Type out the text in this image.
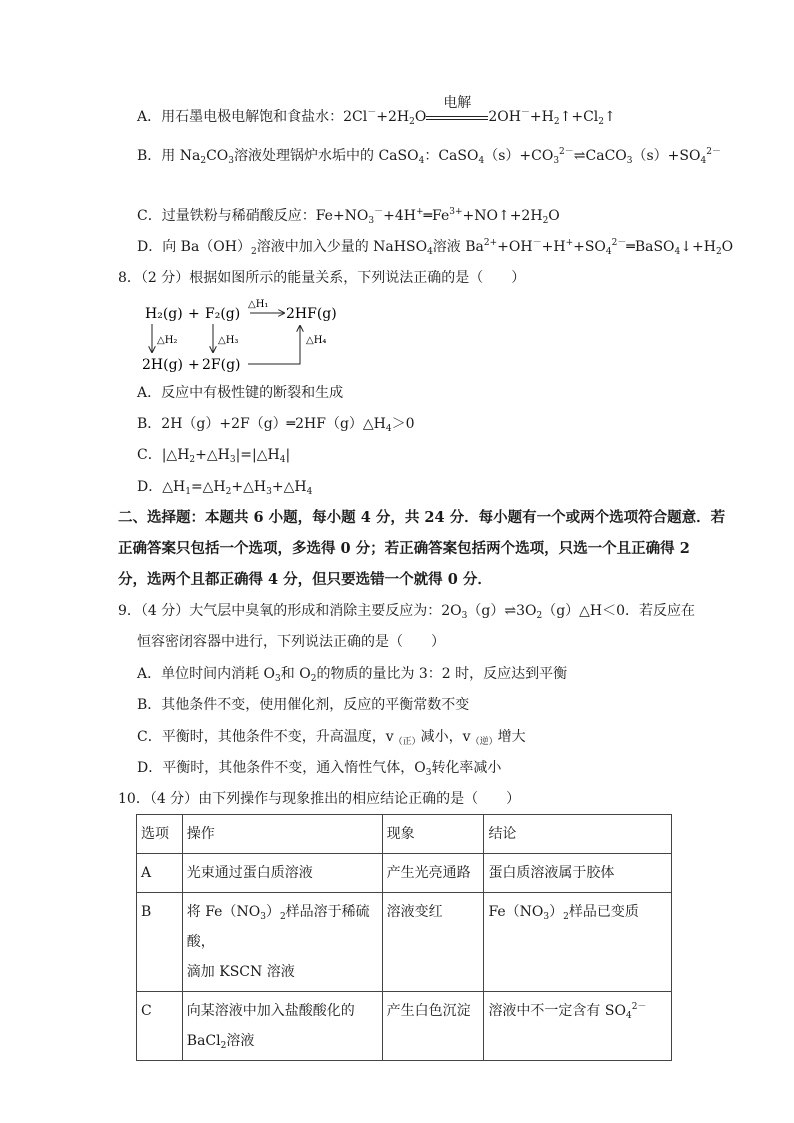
A．用石墨电极电解饱和食盐水：$2Cl^-+2H_2O$
电解
$2OH^-+H_2↑+Cl_2↑$
B．用 $Na_2CO_3$溶液处理锅炉水垢中的 CaSO$_4$：$CaSO_4(s)+CO_3^{2-}\rightleftharpoons CaCO_3(s)+SO_4^{2-}$
C．过量铁粉与稀硝酸反应：$Fe+NO_3^-+4H^+═Fe^{3+}+NO↑+2H_2O$
D．向 $Ba(OH)_2$溶液中加入少量的 NaHSO$_4$溶液 $Ba^{2+}+OH^-+H^++SO_4^{2-}═BaSO_4↓+H_2O$
8．（2 分）根据如图所示的能量关系，下列说法正确的是（　　）
H₂(g) + F₂(g)
△H₁
2HF(g)
△H₂	△H₃	△H₄
2H(g) + 2F(g)
A．反应中有极性键的断裂和生成
B．$2H(g)+2F(g)═2HF(g)\triangle H_4>0$
C．$|\triangle H_2+\triangle H_3|=|\triangle H_4|$
D．$\triangle H_1=\triangle H_2+\triangle H_3+\triangle H_4$
二、选择题：本题共 6 小题，每小题 4 分，共 24 分．每小题有一个或两个选项符合题意．若
正确答案只包括一个选项，多选得 0 分；若正确答案包括两个选项，只选一个且正确得 2
分，选两个且都正确得 4 分，但只要选错一个就得 0 分．
9．（4 分）大气层中臭氧的形成和消除主要反应为：$2O_3(g)\rightleftharpoons 3O_2(g)\triangle H<0$．若反应在
恒容密闭容器中进行，下列说法正确的是（　　）
A．单位时间内消耗 $O_3$和 $O_2$的物质的量比为 3：2 时，反应达到平衡
B．其他条件不变，使用催化剂，反应的平衡常数不变
C．平衡时，其他条件不变，升高温度，$v_{(正)}$减小，$v_{(逆)}$增大
D．平衡时，其他条件不变，通入惰性气体，$O_3$转化率减小
10．（4 分）由下列操作与现象推出的相应结论正确的是（　　）
选项	操作	现象	结论
A	光束通过蛋白质溶液	产生光亮通路	蛋白质溶液属于胶体
B	将 $Fe(NO_3)_2$样品溶于稀硫酸，
滴加 KSCN 溶液	溶液变红	$Fe(NO_3)_2$样品已变质
C	向某溶液中加入盐酸酸化的
BaCl$_2$溶液	产生白色沉淀	溶液中不一定含有 $SO_4^{2-}$
